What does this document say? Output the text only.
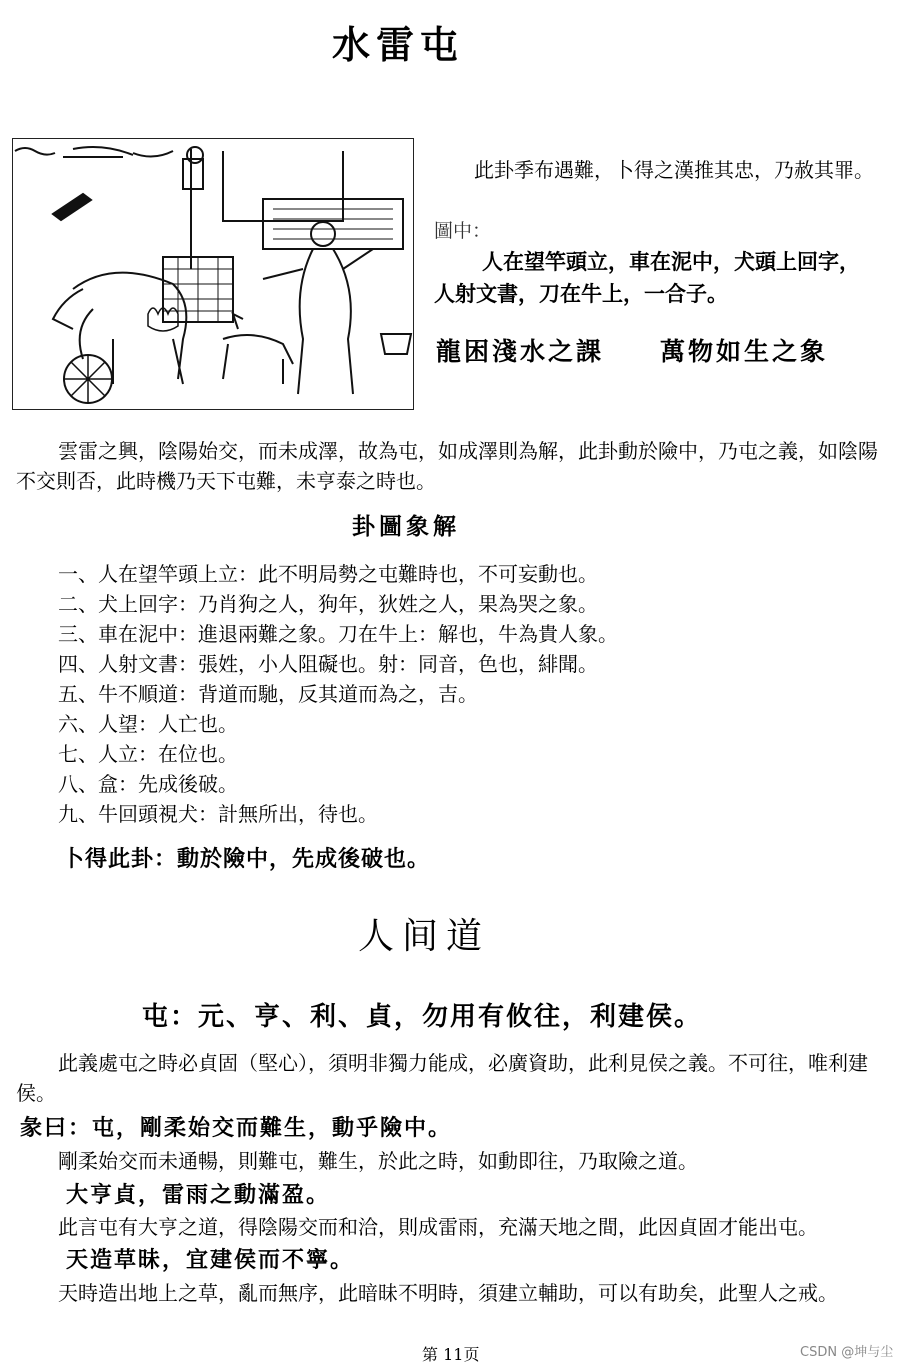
水雷屯
此卦季布遇難，卜得之漢推其忠，乃赦其罪。
圖中：
人在望竿頭立，車在泥中，犬頭上回字，
人射文書，刀在牛上，一合子。
龍困淺水之課 萬物如生之象
雲雷之興，陰陽始交，而未成澤，故為屯，如成澤則為解，此卦動於險中，乃屯之義，如陰陽不交則否，此時機乃天下屯難，未亨泰之時也。
卦圖象解
一、人在望竿頭上立：此不明局勢之屯難時也，不可妄動也。
二、犬上回字：乃肖狗之人，狗年，狄姓之人，果為哭之象。
三、車在泥中：進退兩難之象。刀在牛上：解也，牛為貴人象。
四、人射文書：張姓，小人阻礙也。射：同音，色也，緋聞。
五、牛不順道：背道而馳，反其道而為之，吉。
六、人望：人亡也。
七、人立：在位也。
八、盒：先成後破。
九、牛回頭視犬：計無所出，待也。
卜得此卦：動於險中，先成後破也。
人间道
屯：元、亨、利、貞，勿用有攸往，利建侯。
此義處屯之時必貞固（堅心），須明非獨力能成，必廣資助，此利見侯之義。不可往，唯利建侯。
彖曰：屯，剛柔始交而難生，動乎險中。
剛柔始交而未通暢，則難屯，難生，於此之時，如動即往，乃取險之道。
大亨貞，雷雨之動滿盈。
此言屯有大亨之道，得陰陽交而和洽，則成雷雨，充滿天地之間，此因貞固才能出屯。
天造草昧，宜建侯而不寧。
天時造出地上之草，亂而無序，此暗昧不明時，須建立輔助，可以有助矣，此聖人之戒。
第 11页	CSDN @坤与尘
